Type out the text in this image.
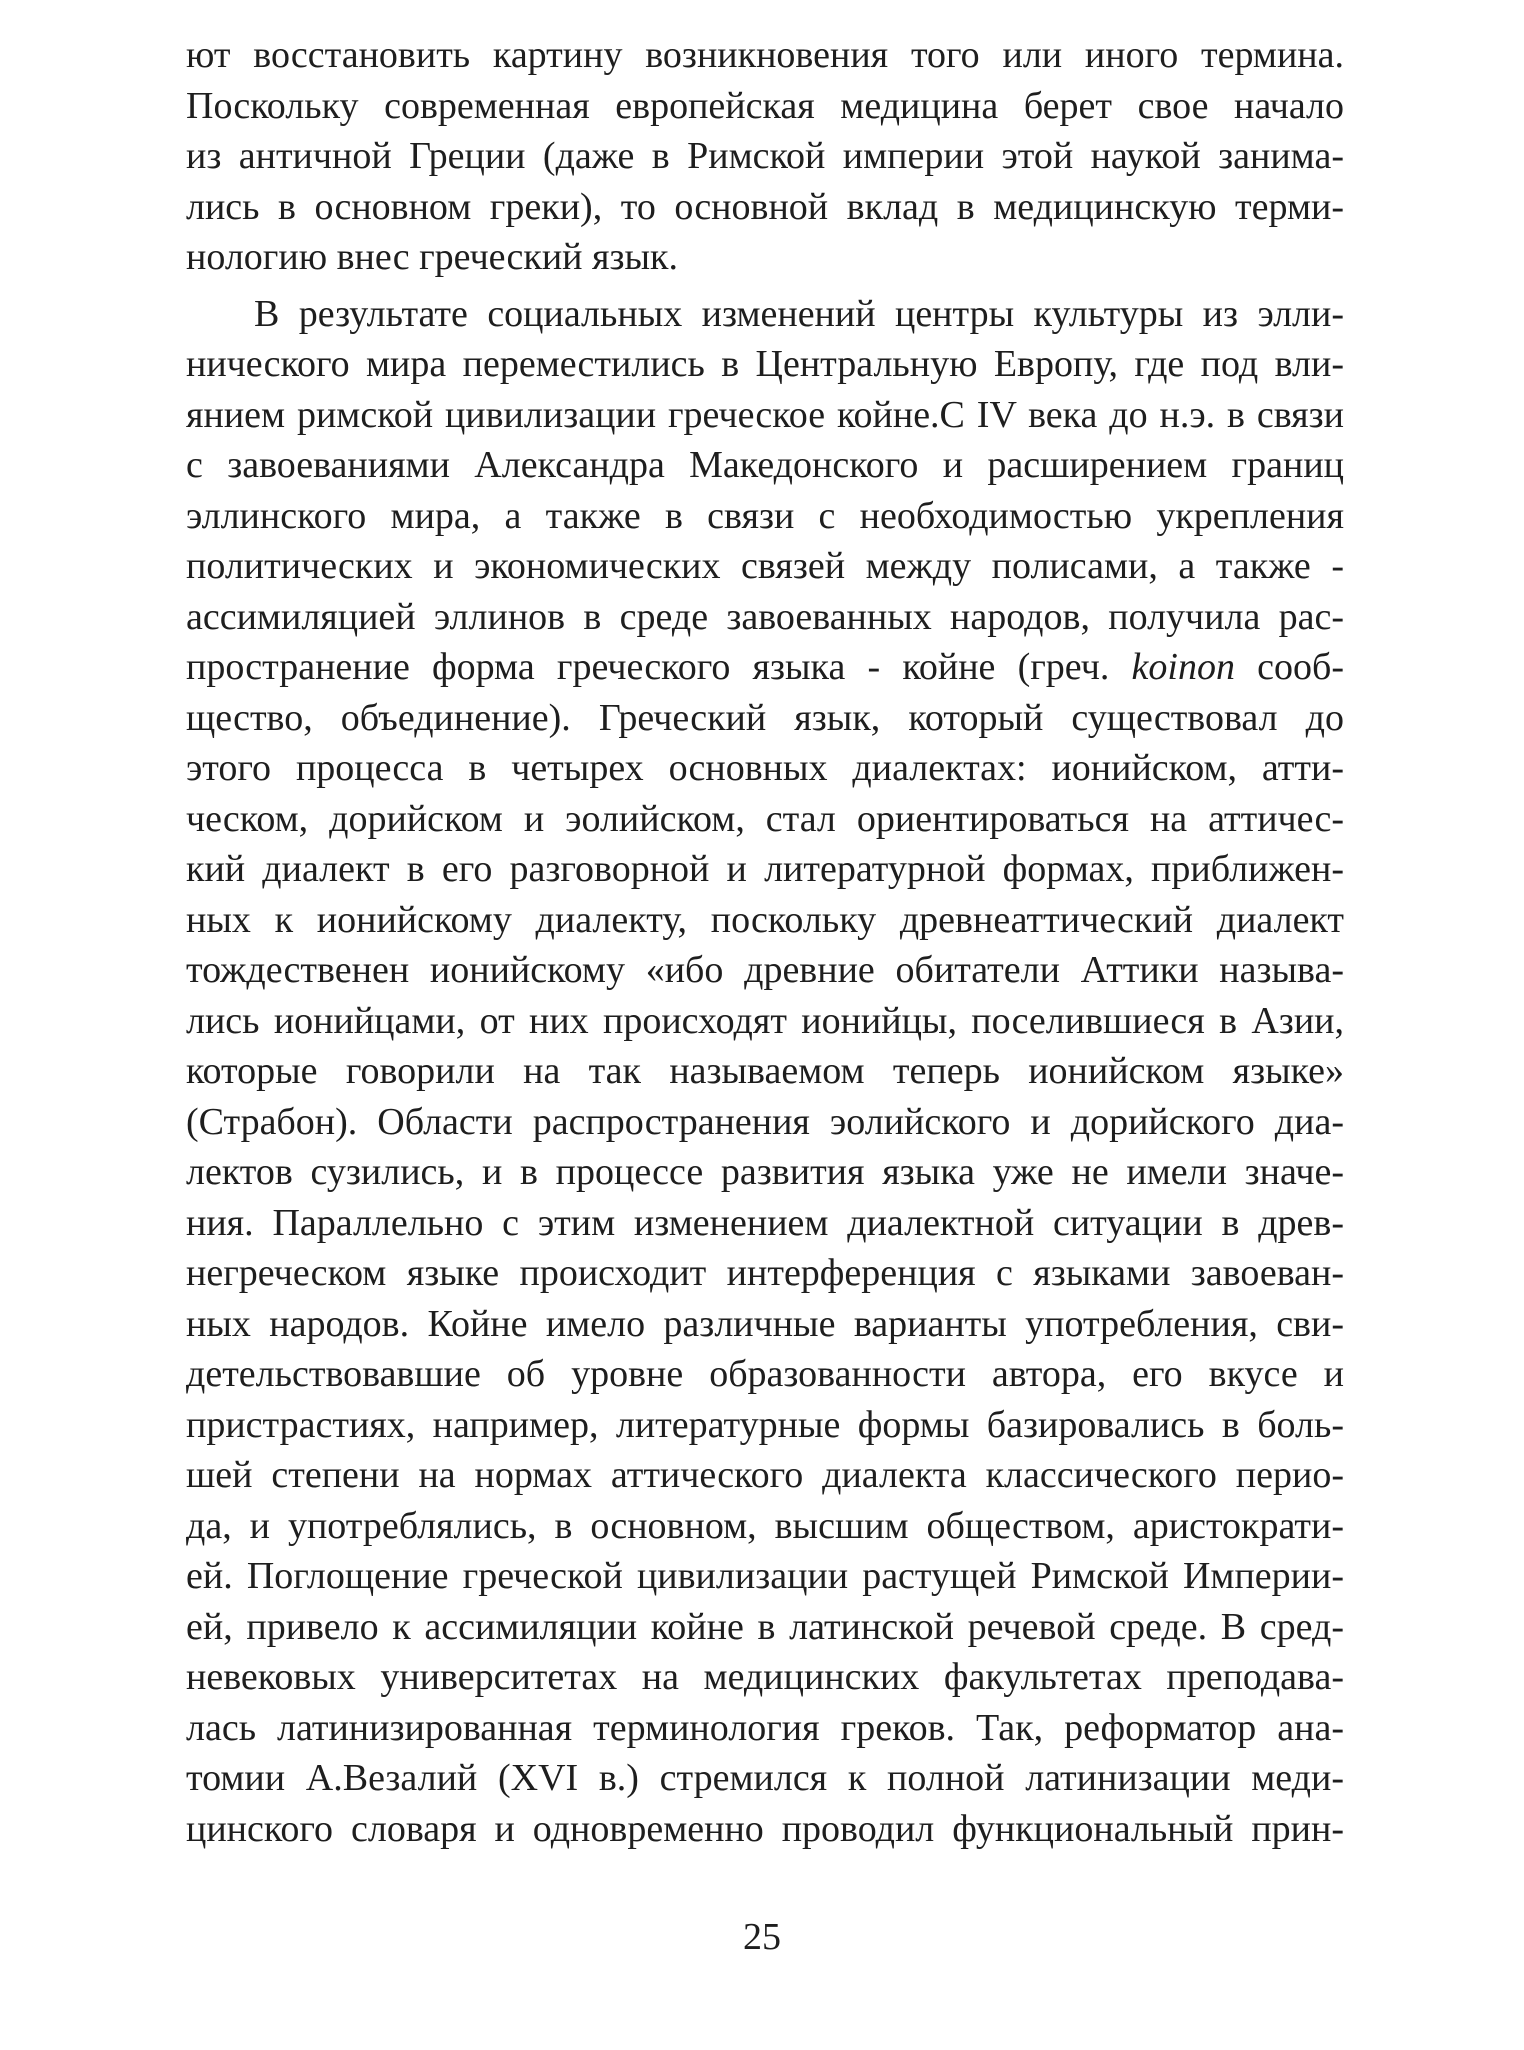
ют восстановить картину возникновения того или иного термина.
Поскольку современная европейская медицина берет свое начало
из античной Греции (даже в Римской империи этой наукой занима-
лись в основном греки), то основной вклад в медицинскую терми-
нологию внес греческий язык.
В результате социальных изменений центры культуры из элли-
нического мира переместились в Центральную Европу, где под вли-
янием римской цивилизации греческое койне.С IV века до н.э. в связи
с завоеваниями Александра Македонского и расширением границ
эллинского мира, а также в связи с необходимостью укрепления
политических и экономических связей между полисами, а также -
ассимиляцией эллинов в среде завоеванных народов, получила рас-
пространение форма греческого языка - койне (греч. koinon сооб-
щество, объединение). Греческий язык, который существовал до
этого процесса в четырех основных диалектах: ионийском, атти-
ческом, дорийском и эолийском, стал ориентироваться на аттичес-
кий диалект в его разговорной и литературной формах, приближен-
ных к ионийскому диалекту, поскольку древнеаттический диалект
тождественен ионийскому «ибо древние обитатели Аттики называ-
лись ионийцами, от них происходят ионийцы, поселившиеся в Азии,
которые говорили на так называемом теперь ионийском языке»
(Страбон). Области распространения эолийского и дорийского диа-
лектов сузились, и в процессе развития языка уже не имели значе-
ния. Параллельно с этим изменением диалектной ситуации в древ-
негреческом языке происходит интерференция с языками завоеван-
ных народов. Койне имело различные варианты употребления, сви-
детельствовавшие об уровне образованности автора, его вкусе и
пристрастиях, например, литературные формы базировались в боль-
шей степени на нормах аттического диалекта классического перио-
да, и употреблялись, в основном, высшим обществом, аристократи-
ей. Поглощение греческой цивилизации растущей Римской Империи-
ей, привело к ассимиляции койне в латинской речевой среде. В сред-
невековых университетах на медицинских факультетах преподава-
лась латинизированная терминология греков. Так, реформатор ана-
томии А.Везалий (XVI в.) стремился к полной латинизации меди-
цинского словаря и одновременно проводил функциональный прин-
25
